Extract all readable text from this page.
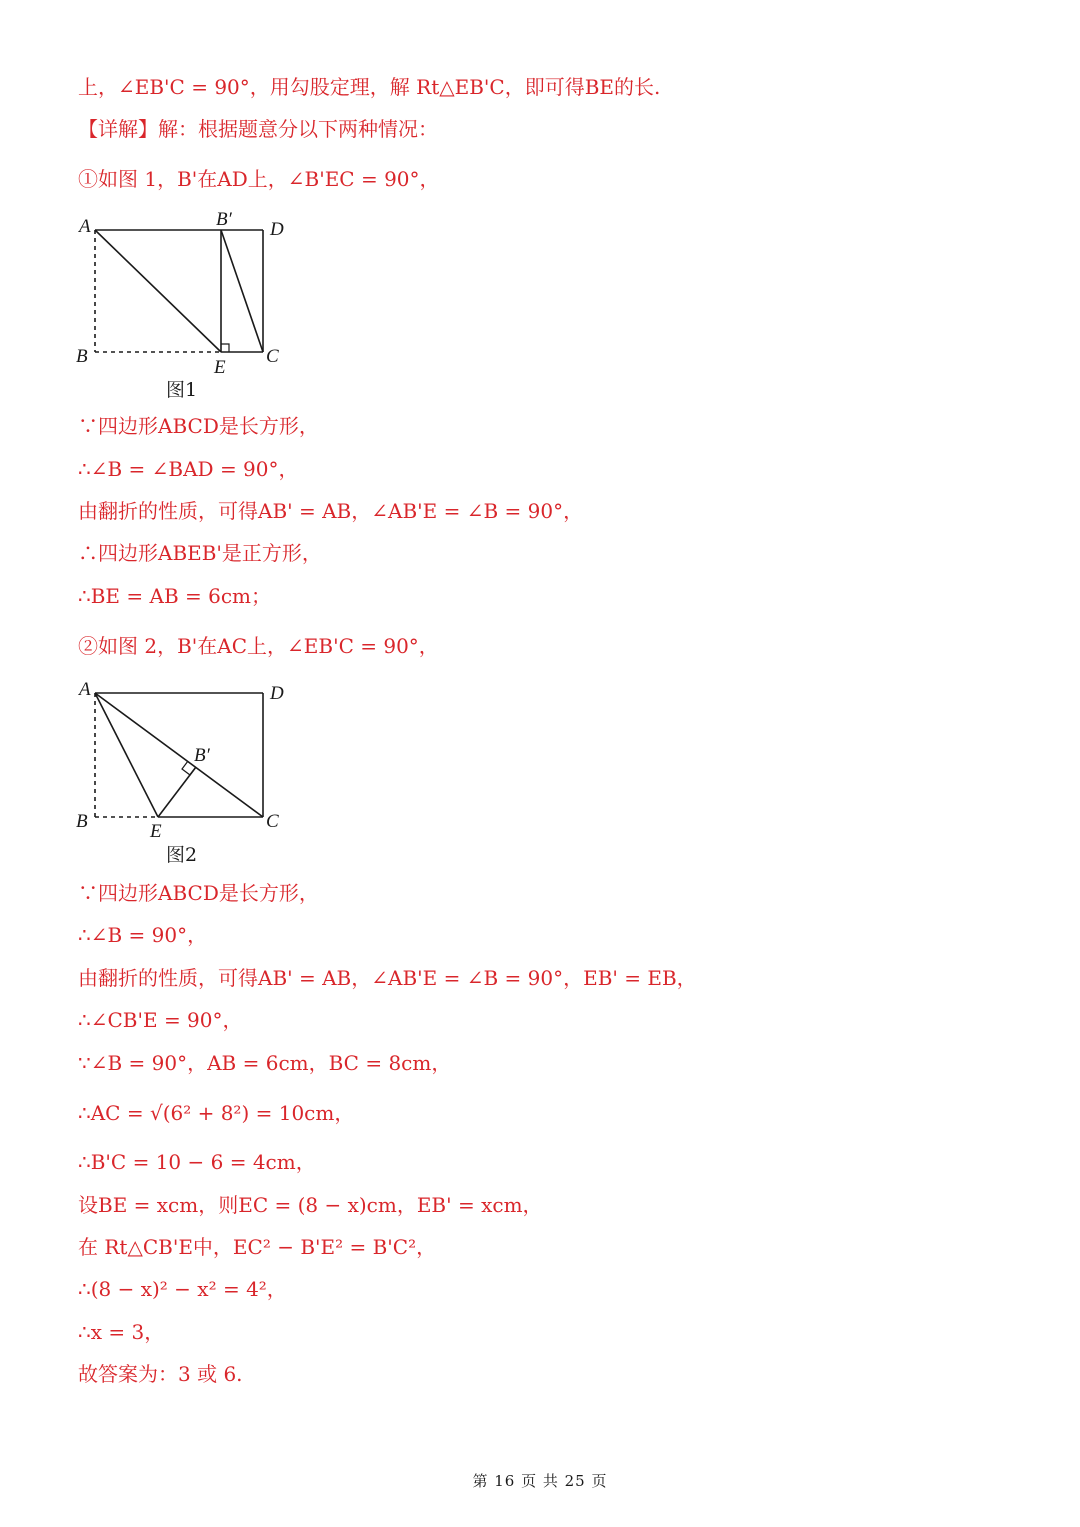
上，∠EB'C = 90°，用勾股定理，解 Rt△EB'C，即可得BE的长.
【详解】解：根据题意分以下两种情况：
①如图 1，B'在AD上，∠B'EC = 90°，
A	B′ D
B
E
C
图1
∵四边形ABCD是长方形，
∴∠B = ∠BAD = 90°，
由翻折的性质，可得AB' = AB，∠AB'E = ∠B = 90°，
∴四边形ABEB'是正方形，
∴BE = AB = 6cm；
②如图 2，B'在AC上，∠EB'C = 90°，
A	D
B′
B	E	C
图2
∵四边形ABCD是长方形，
∴∠B = 90°，
由翻折的性质，可得AB' = AB，∠AB'E = ∠B = 90°，EB' = EB，
∴∠CB'E = 90°，
∵∠B = 90°，AB = 6cm，BC = 8cm，
∴AC = √(6² + 8²) = 10cm，
∴B'C = 10 − 6 = 4cm，
设BE = xcm，则EC = (8 − x)cm，EB' = xcm，
在 Rt△CB'E中，EC² − B'E² = B'C²，
∴(8 − x)² − x² = 4²，
∴x = 3，
故答案为：3 或 6.
第 16 页 共 25 页
